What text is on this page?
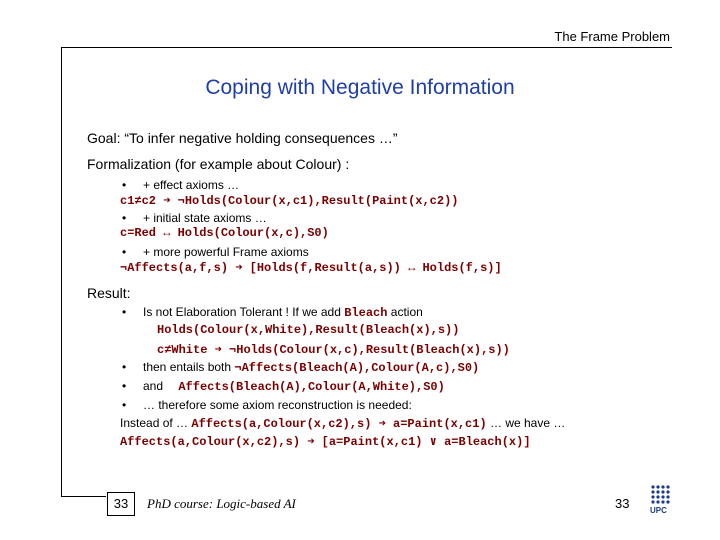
The Frame Problem
Coping with Negative Information
Goal: “To infer negative holding consequences …”
Formalization (for example about Colour) :
• + effect axioms …
c1≠c2 ➜ ¬Holds(Colour(x,c1),Result(Paint(x,c2))
• + initial state axioms …
c=Red ↔ Holds(Colour(x,c),S0)
• + more powerful Frame axioms
¬Affects(a,f,s) ➜ [Holds(f,Result(a,s)) ↔ Holds(f,s)]
Result:
• Is not Elaboration Tolerant ! If we add Bleach action
Holds(Colour(x,White),Result(Bleach(x),s))
c≠White ➜ ¬Holds(Colour(x,c),Result(Bleach(x),s))
• then entails both ¬Affects(Bleach(A),Colour(A,c),S0)
• and Affects(Bleach(A),Colour(A,White),S0)
• … therefore some axiom reconstruction is needed:
Instead of … Affects(a,Colour(x,c2),s) ➜ a=Paint(x,c1) … we have …
Affects(a,Colour(x,c2),s) ➜ [a=Paint(x,c1) ∨ a=Bleach(x)]
33	PhD course: Logic-based AI	33	UPC
